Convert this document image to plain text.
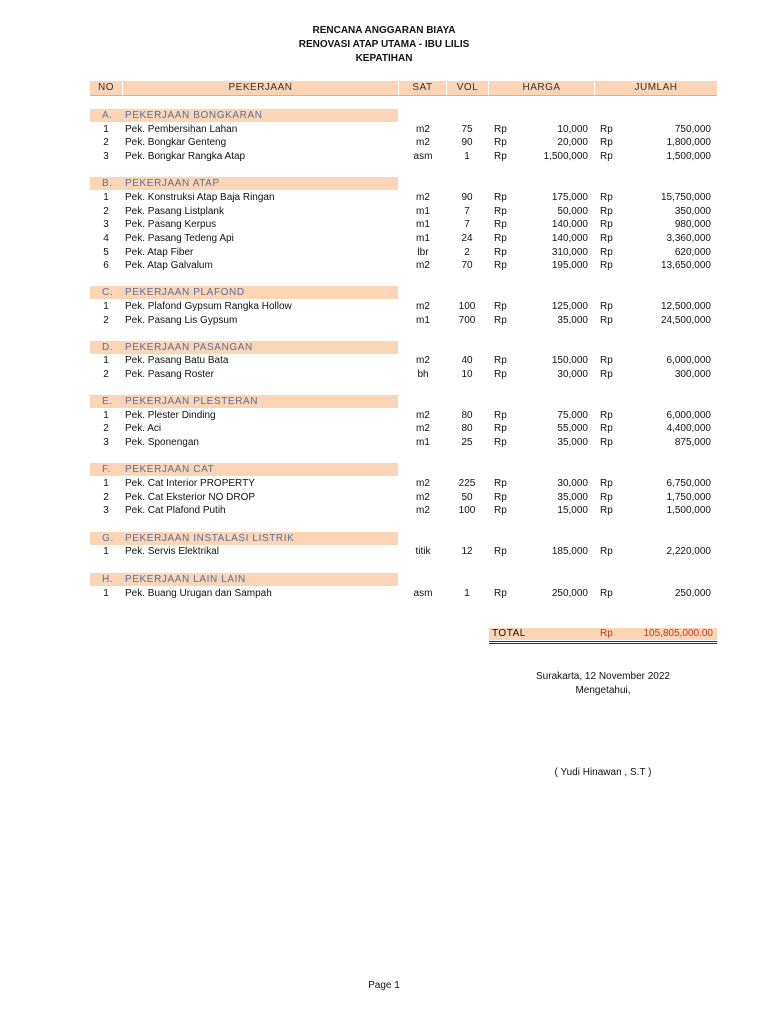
RENCANA ANGGARAN BIAYA
RENOVASI ATAP UTAMA - IBU LILIS
KEPATIHAN
NO	PEKERJAAN	SAT	VOL	HARGA	JUMLAH
A. PEKERJAAN BONGKARAN
1	Pek. Pembersihan Lahan	m2	75	Rp	10,000 Rp	750,000
2	Pek. Bongkar Genteng	m2	90	Rp	20,000 Rp	1,800,000
3	Pek. Bongkar Rangka Atap	asm	1	Rp	1,500,000 Rp	1,500,000
B. PEKERJAAN ATAP
1	Pek. Konstruksi Atap Baja Ringan	m2	90	Rp	175,000 Rp	15,750,000
2	Pek. Pasang Listplank	m1	7	Rp	50,000 Rp	350,000
3	Pek. Pasang Kerpus	m1	7	Rp	140,000 Rp	980,000
4	Pek. Pasang Tedeng Api	m1	24	Rp	140,000 Rp	3,360,000
5	Pek. Atap Fiber	lbr	2	Rp	310,000 Rp	620,000
6	Pek. Atap Galvalum	m2	70	Rp	195,000 Rp	13,650,000
C. PEKERJAAN PLAFOND
1	Pek. Plafond Gypsum Rangka Hollow	m2	100	Rp	125,000 Rp	12,500,000
2	Pek. Pasang Lis Gypsum	m1	700	Rp	35,000 Rp	24,500,000
D. PEKERJAAN PASANGAN
1	Pek. Pasang Batu Bata	m2	40	Rp	150,000 Rp	6,000,000
2	Pek. Pasang Roster	bh	10	Rp	30,000 Rp	300,000
E. PEKERJAAN PLESTERAN
1	Pek. Plester Dinding	m2	80	Rp	75,000 Rp	6,000,000
2	Pek. Aci	m2	80	Rp	55,000 Rp	4,400,000
3	Pek. Sponengan	m1	25	Rp	35,000 Rp	875,000
F. PEKERJAAN CAT
1	Pek. Cat Interior PROPERTY	m2	225	Rp	30,000 Rp	6,750,000
2	Pek. Cat Eksterior NO DROP	m2	50	Rp	35,000 Rp	1,750,000
3	Pek. Cat Plafond Putih	m2	100	Rp	15,000 Rp	1,500,000
G. PEKERJAAN INSTALASI LISTRIK
1	Pek. Servis Elektrikal	titik	12	Rp	185,000 Rp	2,220,000
H. PEKERJAAN LAIN LAIN
1	Pek. Buang Urugan dan Sampah	asm	1	Rp	250,000 Rp	250,000
TOTAL	Rp	105,805,000.00
Surakarta, 12 November 2022
Mengetahui,
( Yudi Hinawan , S.T )
Page 1
